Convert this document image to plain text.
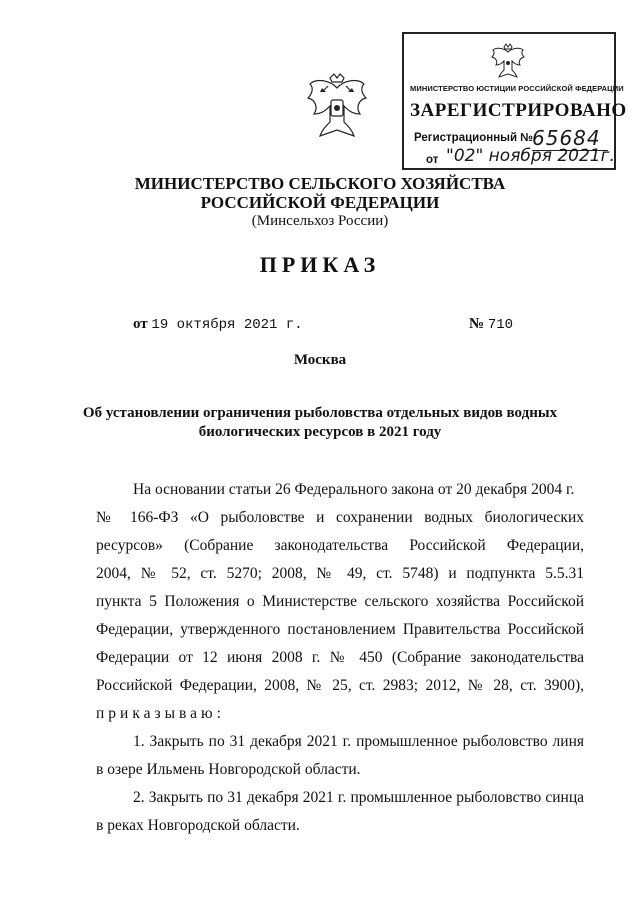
МИНИСТЕРСТВО ЮСТИЦИИ РОССИЙСКОЙ ФЕДЕРАЦИИ
ЗАРЕГИСТРИРОВАНО
Регистрационный №
65684
от "02" ноября 2021г.
МИНИСТЕРСТВО СЕЛЬСКОГО ХОЗЯЙСТВА
РОССИЙСКОЙ ФЕДЕРАЦИИ
(Минсельхоз России)
ПРИКАЗ
от 19 октября 2021 г.	№ 710
Москва
Об установлении ограничения рыболовства отдельных видов водных
биологических ресурсов в 2021 году
На основании статьи 26 Федерального закона от 20 декабря 2004 г.
№ 166-ФЗ «О рыболовстве и сохранении водных биологических
ресурсов» (Собрание законодательства Российской Федерации,
2004, № 52, ст. 5270; 2008, № 49, ст. 5748) и подпункта 5.5.31
пункта 5 Положения о Министерстве сельского хозяйства Российской
Федерации, утвержденного постановлением Правительства Российской
Федерации от 12 июня 2008 г. № 450 (Собрание законодательства
Российской Федерации, 2008, № 25, ст. 2983; 2012, № 28, ст. 3900),
приказываю:
1. Закрыть по 31 декабря 2021 г. промышленное рыболовство линя
в озере Ильмень Новгородской области.
2. Закрыть по 31 декабря 2021 г. промышленное рыболовство синца
в реках Новгородской области.
